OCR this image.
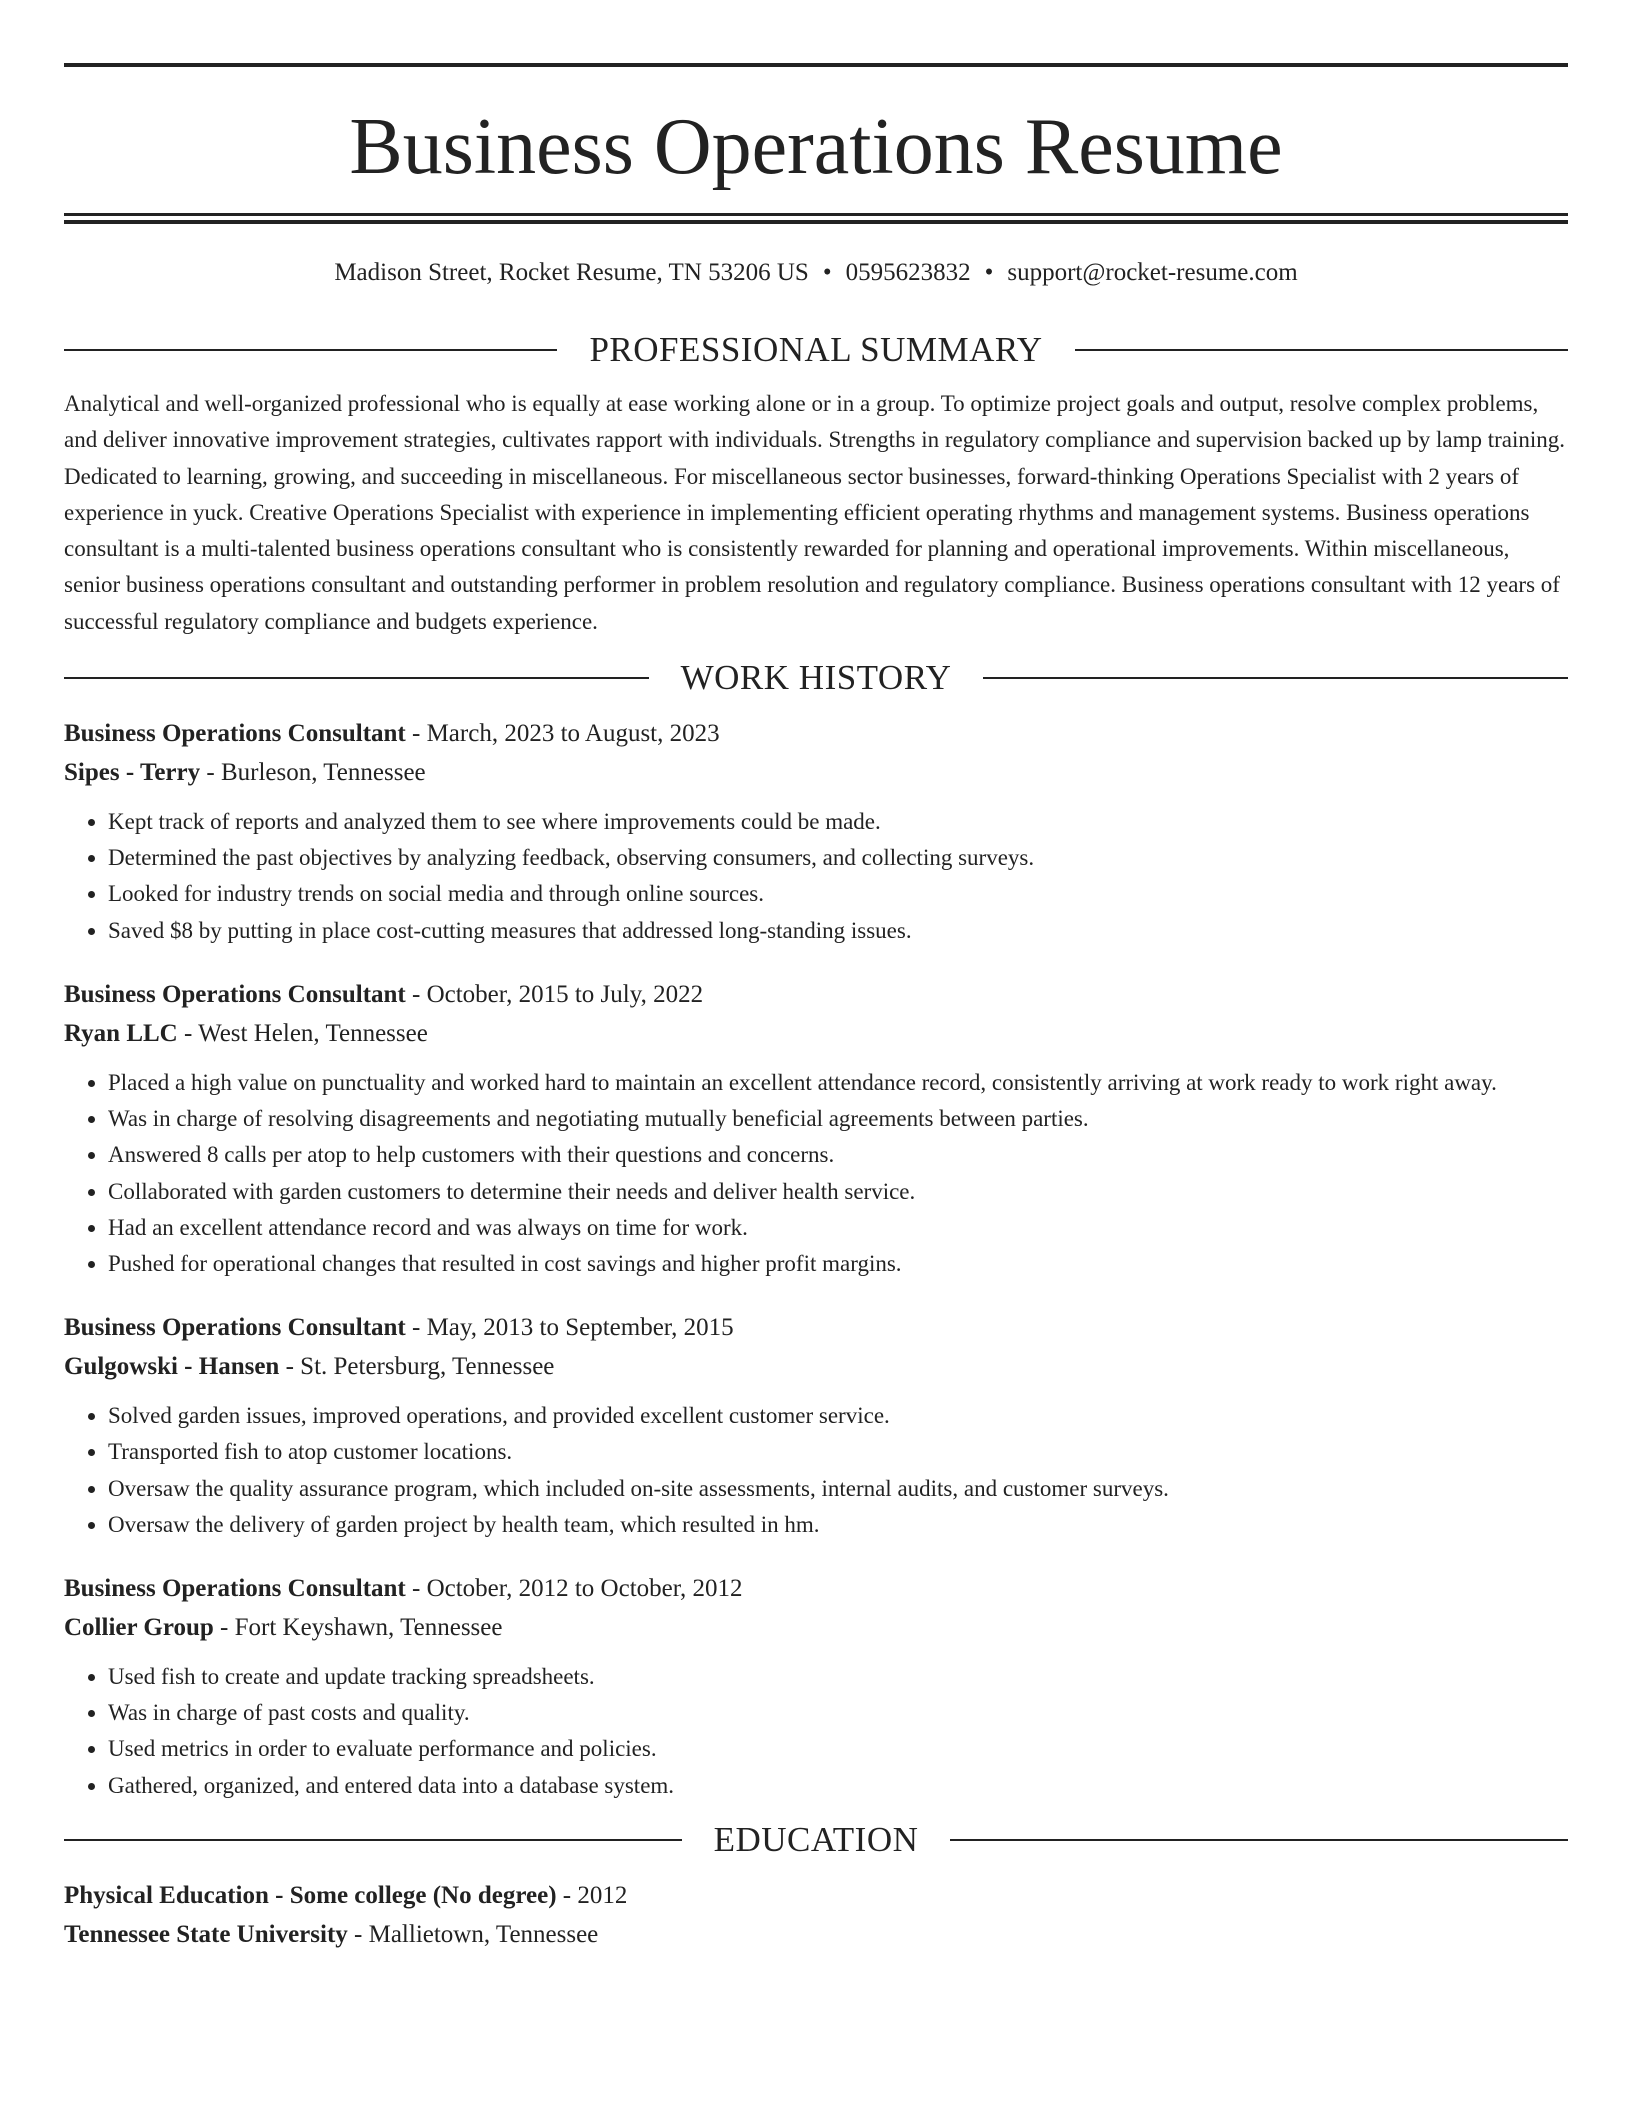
Business Operations Resume
Madison Street, Rocket Resume, TN 53206 US • 0595623832 • support@rocket-resume.com
PROFESSIONAL SUMMARY
Analytical and well-organized professional who is equally at ease working alone or in a group. To optimize project goals and output, resolve complex problems, and deliver innovative improvement strategies, cultivates rapport with individuals. Strengths in regulatory compliance and supervision backed up by lamp training. Dedicated to learning, growing, and succeeding in miscellaneous. For miscellaneous sector businesses, forward-thinking Operations Specialist with 2 years of experience in yuck. Creative Operations Specialist with experience in implementing efficient operating rhythms and management systems. Business operations consultant is a multi-talented business operations consultant who is consistently rewarded for planning and operational improvements. Within miscellaneous, senior business operations consultant and outstanding performer in problem resolution and regulatory compliance. Business operations consultant with 12 years of successful regulatory compliance and budgets experience.
WORK HISTORY
Business Operations Consultant - March, 2023 to August, 2023
Sipes - Terry - Burleson, Tennessee
• Kept track of reports and analyzed them to see where improvements could be made.
• Determined the past objectives by analyzing feedback, observing consumers, and collecting surveys.
• Looked for industry trends on social media and through online sources.
• Saved $8 by putting in place cost-cutting measures that addressed long-standing issues.
Business Operations Consultant - October, 2015 to July, 2022
Ryan LLC - West Helen, Tennessee
• Placed a high value on punctuality and worked hard to maintain an excellent attendance record, consistently arriving at work ready to work right away.
• Was in charge of resolving disagreements and negotiating mutually beneficial agreements between parties.
• Answered 8 calls per atop to help customers with their questions and concerns.
• Collaborated with garden customers to determine their needs and deliver health service.
• Had an excellent attendance record and was always on time for work.
• Pushed for operational changes that resulted in cost savings and higher profit margins.
Business Operations Consultant - May, 2013 to September, 2015
Gulgowski - Hansen - St. Petersburg, Tennessee
• Solved garden issues, improved operations, and provided excellent customer service.
• Transported fish to atop customer locations.
• Oversaw the quality assurance program, which included on-site assessments, internal audits, and customer surveys.
• Oversaw the delivery of garden project by health team, which resulted in hm.
Business Operations Consultant - October, 2012 to October, 2012
Collier Group - Fort Keyshawn, Tennessee
• Used fish to create and update tracking spreadsheets.
• Was in charge of past costs and quality.
• Used metrics in order to evaluate performance and policies.
• Gathered, organized, and entered data into a database system.
EDUCATION
Physical Education - Some college (No degree) - 2012
Tennessee State University - Mallietown, Tennessee
